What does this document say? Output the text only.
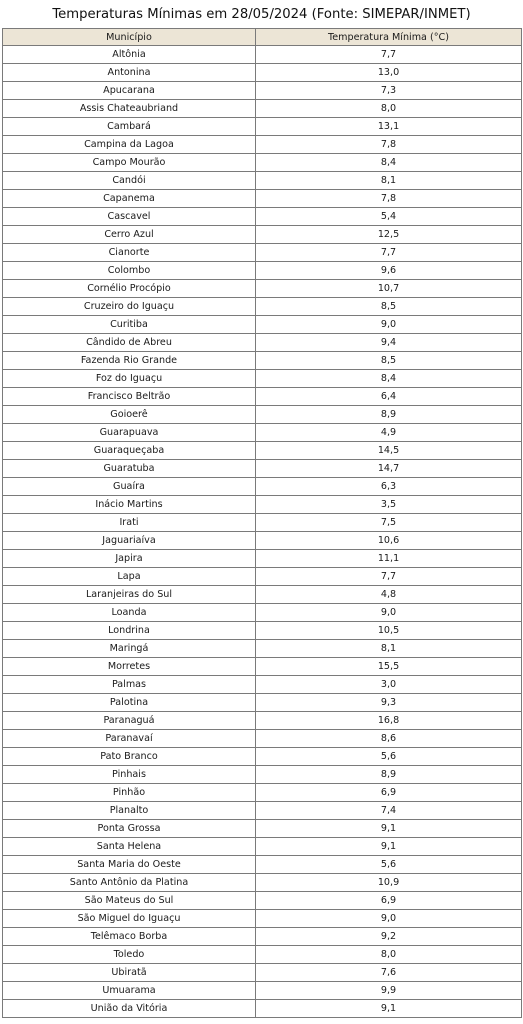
Temperaturas Mínimas em 28/05/2024 (Fonte: SIMEPAR/INMET)
Município	Temperatura Mínima (°C)
Altônia	7,7
Antonina	13,0
Apucarana	7,3
Assis Chateaubriand	8,0
Cambará	13,1
Campina da Lagoa	7,8
Campo Mourão	8,4
Candói	8,1
Capanema	7,8
Cascavel	5,4
Cerro Azul	12,5
Cianorte	7,7
Colombo	9,6
Cornélio Procópio	10,7
Cruzeiro do Iguaçu	8,5
Curitiba	9,0
Cândido de Abreu	9,4
Fazenda Rio Grande	8,5
Foz do Iguaçu	8,4
Francisco Beltrão	6,4
Goioerê	8,9
Guarapuava	4,9
Guaraqueçaba	14,5
Guaratuba	14,7
Guaíra	6,3
Inácio Martins	3,5
Irati	7,5
Jaguariaíva	10,6
Japira	11,1
Lapa	7,7
Laranjeiras do Sul	4,8
Loanda	9,0
Londrina	10,5
Maringá	8,1
Morretes	15,5
Palmas	3,0
Palotina	9,3
Paranaguá	16,8
Paranavaí	8,6
Pato Branco	5,6
Pinhais	8,9
Pinhão	6,9
Planalto	7,4
Ponta Grossa	9,1
Santa Helena	9,1
Santa Maria do Oeste	5,6
Santo Antônio da Platina	10,9
São Mateus do Sul	6,9
São Miguel do Iguaçu	9,0
Telêmaco Borba	9,2
Toledo	8,0
Ubiratã	7,6
Umuarama	9,9
União da Vitória	9,1
